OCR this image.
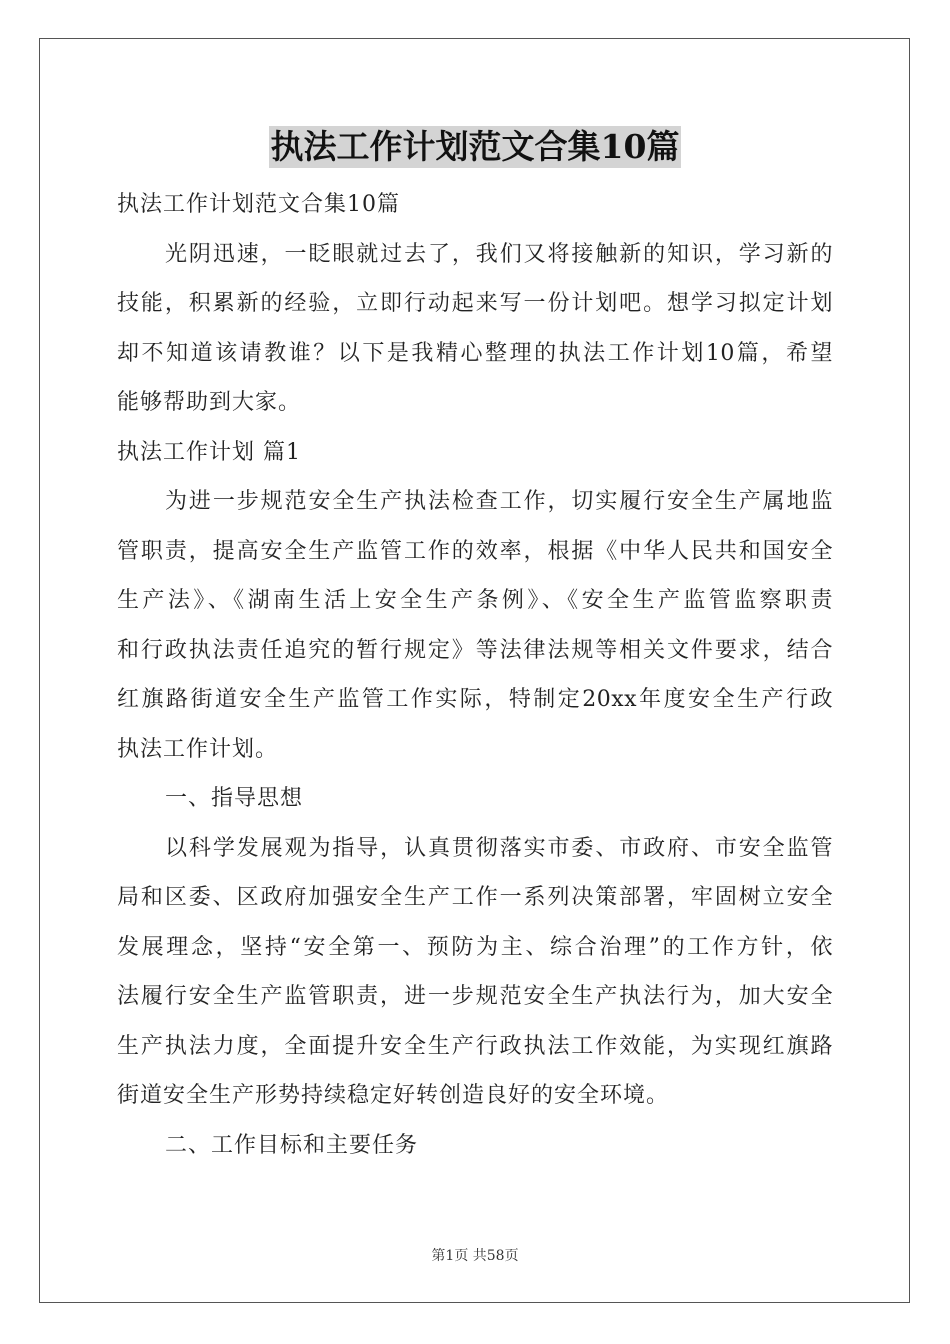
执法工作计划范文合集10篇

执法工作计划范文合集10篇

光阴迅速，一眨眼就过去了，我们又将接触新的知识，学习新的

技能，积累新的经验，立即行动起来写一份计划吧。想学习拟定计划

却不知道该请教谁？以下是我精心整理的执法工作计划10篇，希望

能够帮助到大家。

执法工作计划 篇1

为进一步规范安全生产执法检查工作，切实履行安全生产属地监

管职责，提高安全生产监管工作的效率，根据《中华人民共和国安全

生产法》、《湖南生活上安全生产条例》、《安全生产监管监察职责

和行政执法责任追究的暂行规定》等法律法规等相关文件要求，结合

红旗路街道安全生产监管工作实际，特制定20xx年度安全生产行政

执法工作计划。

一、指导思想

以科学发展观为指导，认真贯彻落实市委、市政府、市安全监管

局和区委、区政府加强安全生产工作一系列决策部署，牢固树立安全

发展理念，坚持“安全第一、预防为主、综合治理”的工作方针，依

法履行安全生产监管职责，进一步规范安全生产执法行为，加大安全

生产执法力度，全面提升安全生产行政执法工作效能，为实现红旗路

街道安全生产形势持续稳定好转创造良好的安全环境。

二、工作目标和主要任务

第1页 共58页
